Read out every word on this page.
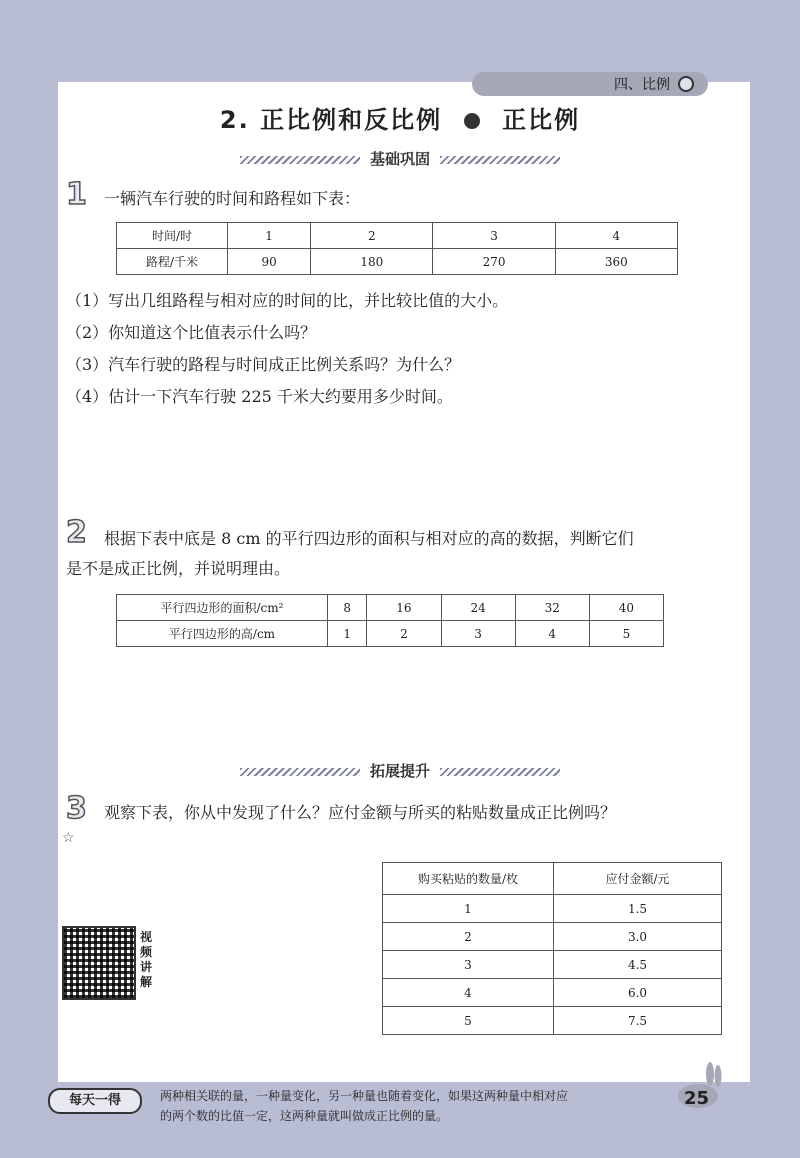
四、比例
2. 正比例和反比例	正比例
基础巩固
1 一辆汽车行驶的时间和路程如下表：
时间/时	1	2	3	4
路程/千米	90	180	270	360
（1）写出几组路程与相对应的时间的比，并比较比值的大小。
（2）你知道这个比值表示什么吗？
（3）汽车行驶的路程与时间成正比例关系吗？为什么？
（4）估计一下汽车行驶 225 千米大约要用多少时间。
2 根据下表中底是 8 cm 的平行四边形的面积与相对应的高的数据，判断它们
是不是成正比例，并说明理由。
平行四边形的面积/cm²	8	16	24	32	40
平行四边形的高/cm	1	2	3	4	5
拓展提升
3 观察下表，你从中发现了什么？应付金额与所买的粘贴数量成正比例吗？
☆
购买粘贴的数量/枚	应付金额/元
1	1.5
2	3.0
3	4.5
4	6.0
5	7.5
视频讲解
每天一得	两种相关联的量，一种量变化，另一种量也随着变化，如果这两种量中相对应
的两个数的比值一定，这两种量就叫做成正比例的量。
25
